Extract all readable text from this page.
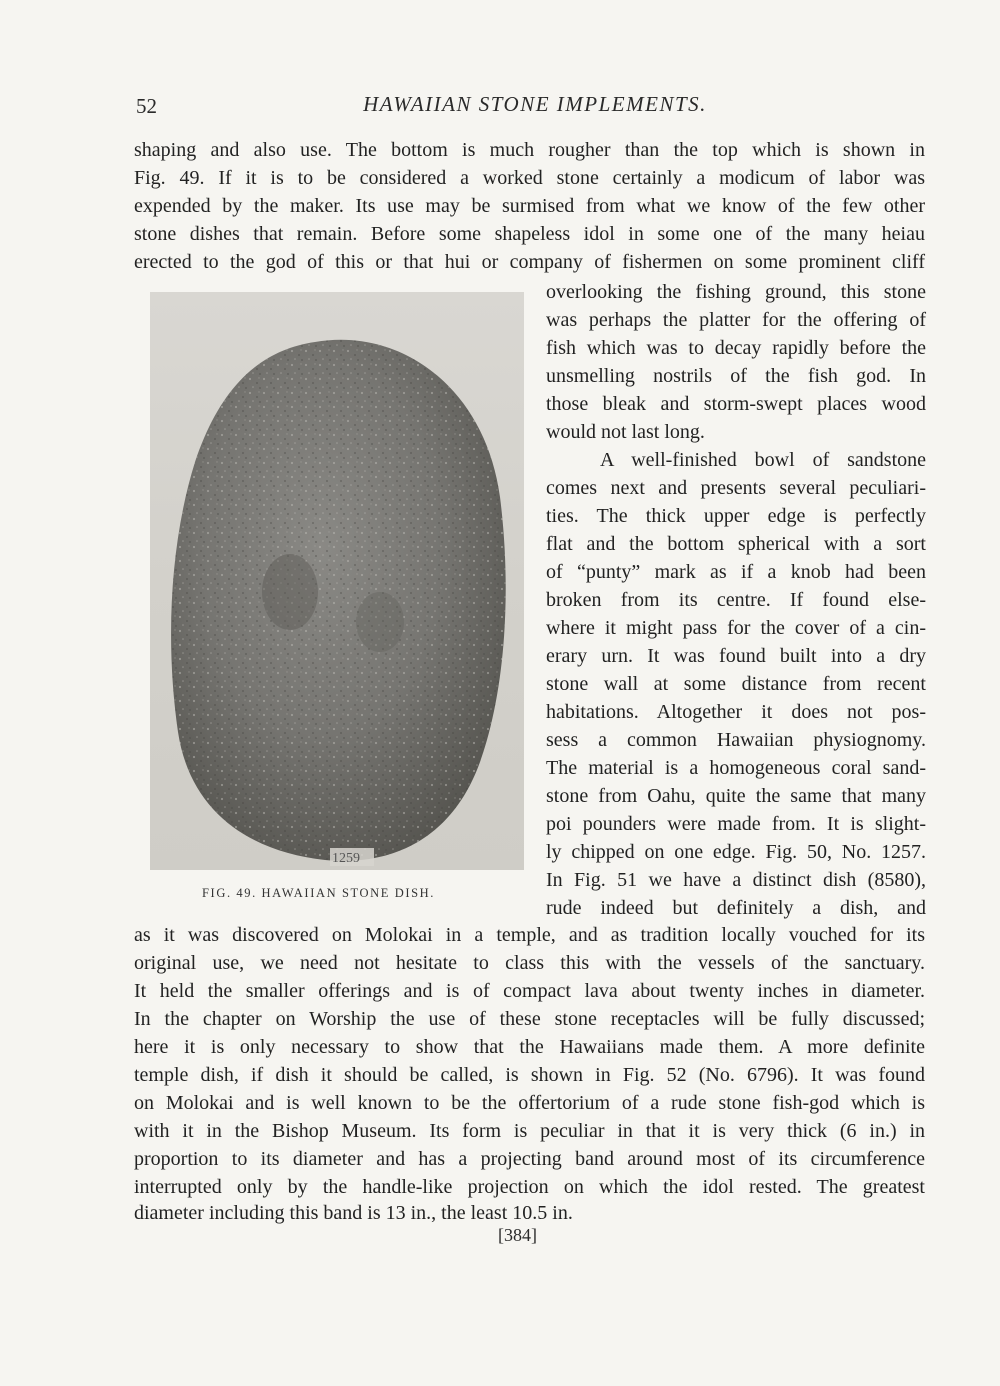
52	HAWAIIAN STONE IMPLEMENTS.
shaping and also use. The bottom is much rougher than the top which is shown in
Fig. 49. If it is to be considered a worked stone certainly a modicum of labor was
expended by the maker. Its use may be surmised from what we know of the few other
stone dishes that remain. Before some shapeless idol in some one of the many heiau
erected to the god of this or that hui or company of fishermen on some prominent cliff
1259
FIG. 49. HAWAIIAN STONE DISH.
overlooking the fishing ground, this stone
was perhaps the platter for the offering of
fish which was to decay rapidly before the
unsmelling nostrils of the fish god. In
those bleak and storm-swept places wood
would not last long.
A well-finished bowl of sandstone
comes next and presents several peculiari-
ties. The thick upper edge is perfectly
flat and the bottom spherical with a sort
of “punty” mark as if a knob had been
broken from its centre. If found else-
where it might pass for the cover of a cin-
erary urn. It was found built into a dry
stone wall at some distance from recent
habitations. Altogether it does not pos-
sess a common Hawaiian physiognomy.
The material is a homogeneous coral sand-
stone from Oahu, quite the same that many
poi pounders were made from. It is slight-
ly chipped on one edge. Fig. 50, No. 1257.
In Fig. 51 we have a distinct dish (8580),
rude indeed but definitely a dish, and
as it was discovered on Molokai in a temple, and as tradition locally vouched for its
original use, we need not hesitate to class this with the vessels of the sanctuary.
It held the smaller offerings and is of compact lava about twenty inches in diameter.
In the chapter on Worship the use of these stone receptacles will be fully discussed;
here it is only necessary to show that the Hawaiians made them. A more definite
temple dish, if dish it should be called, is shown in Fig. 52 (No. 6796). It was found
on Molokai and is well known to be the offertorium of a rude stone fish-god which is
with it in the Bishop Museum. Its form is peculiar in that it is very thick (6 in.) in
proportion to its diameter and has a projecting band around most of its circumference
interrupted only by the handle-like projection on which the idol rested. The greatest
diameter including this band is 13 in., the least 10.5 in.
[384]
